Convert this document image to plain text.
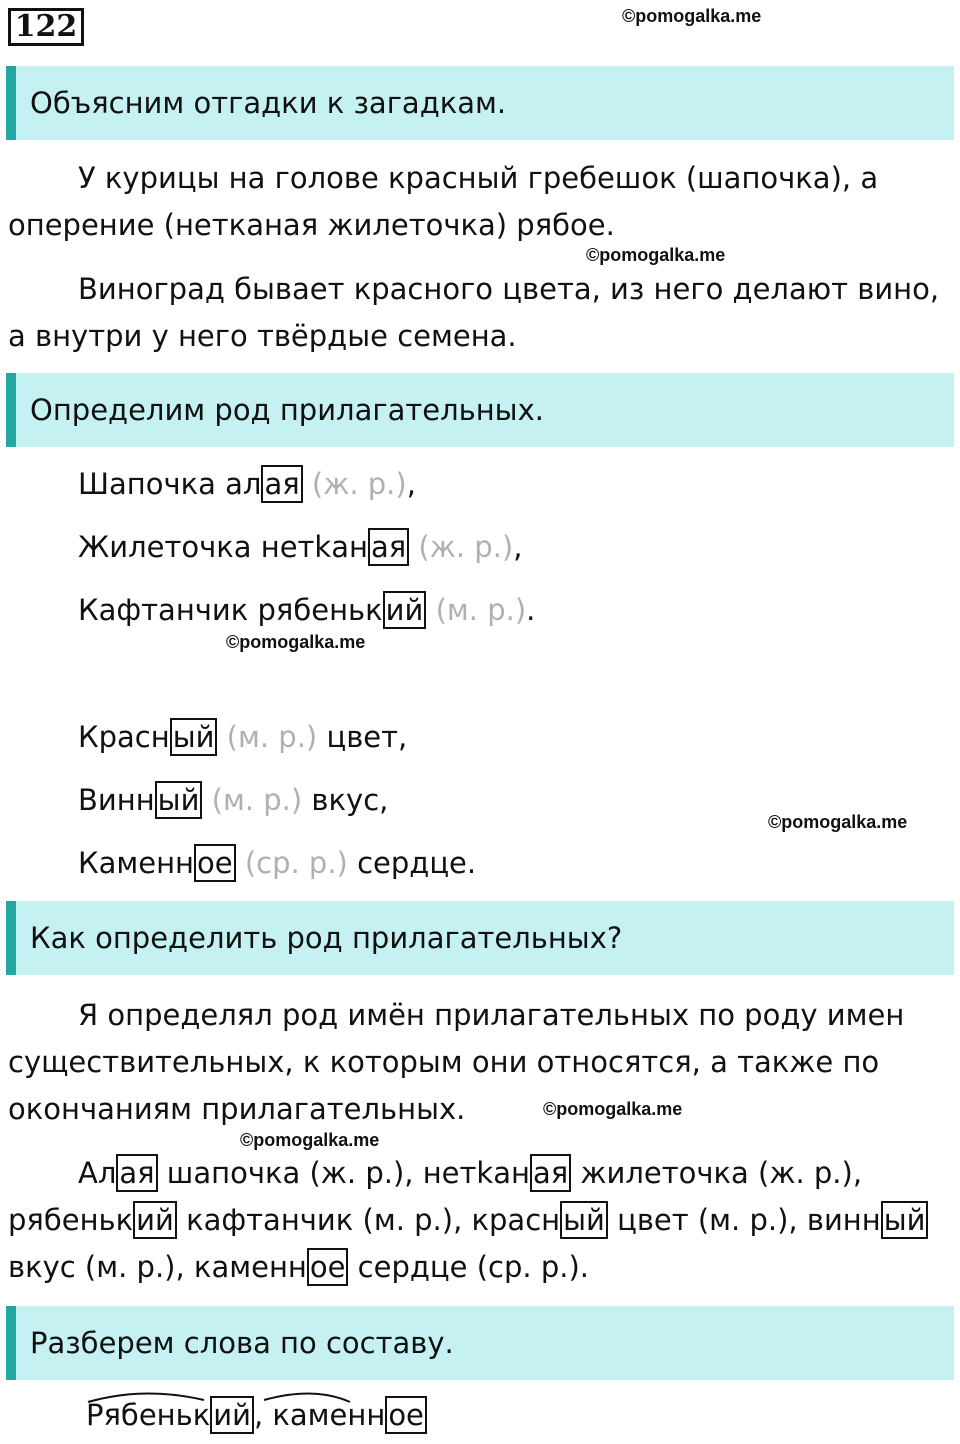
122	©pomogalka.me
Объясним отгадки к загадкам.
У курицы на голове красный гребешок (шапочка), а оперение (нетканая жилеточка) рябое.
©pomogalka.me
Виноград бывает красного цвета, из него делают вино, а внутри у него твёрдые семена.
Определим род прилагательных.
Шапочка ал ая (ж. р.),
Жилеточка нетkан ая (ж. р.),
Кафтанчик рябеньк ий (м. р.).
©pomogalka.me
Красн ый (м. р.) цвет,
Винн ый (м. р.) вкус,
©pomogalka.me
Каменн ое (ср. р.) сердце.
Как определить род прилагательных?
Я определял род имён прилагательных по роду имен существительных, к которым они относятся, а также по окончаниям прилагательных.	©pomogalka.me
©pomogalka.me
Ал ая шапочка (ж. р.), нетkан ая жилеточка (ж. р.), рябеньк ий кафтанчик (м. р.), красн ый цвет (м. р.), винн ый вкус (м. р.), каменн ое сердце (ср. р.).
Разберем слова по составу.
Рябеньк ий , каменн ое
